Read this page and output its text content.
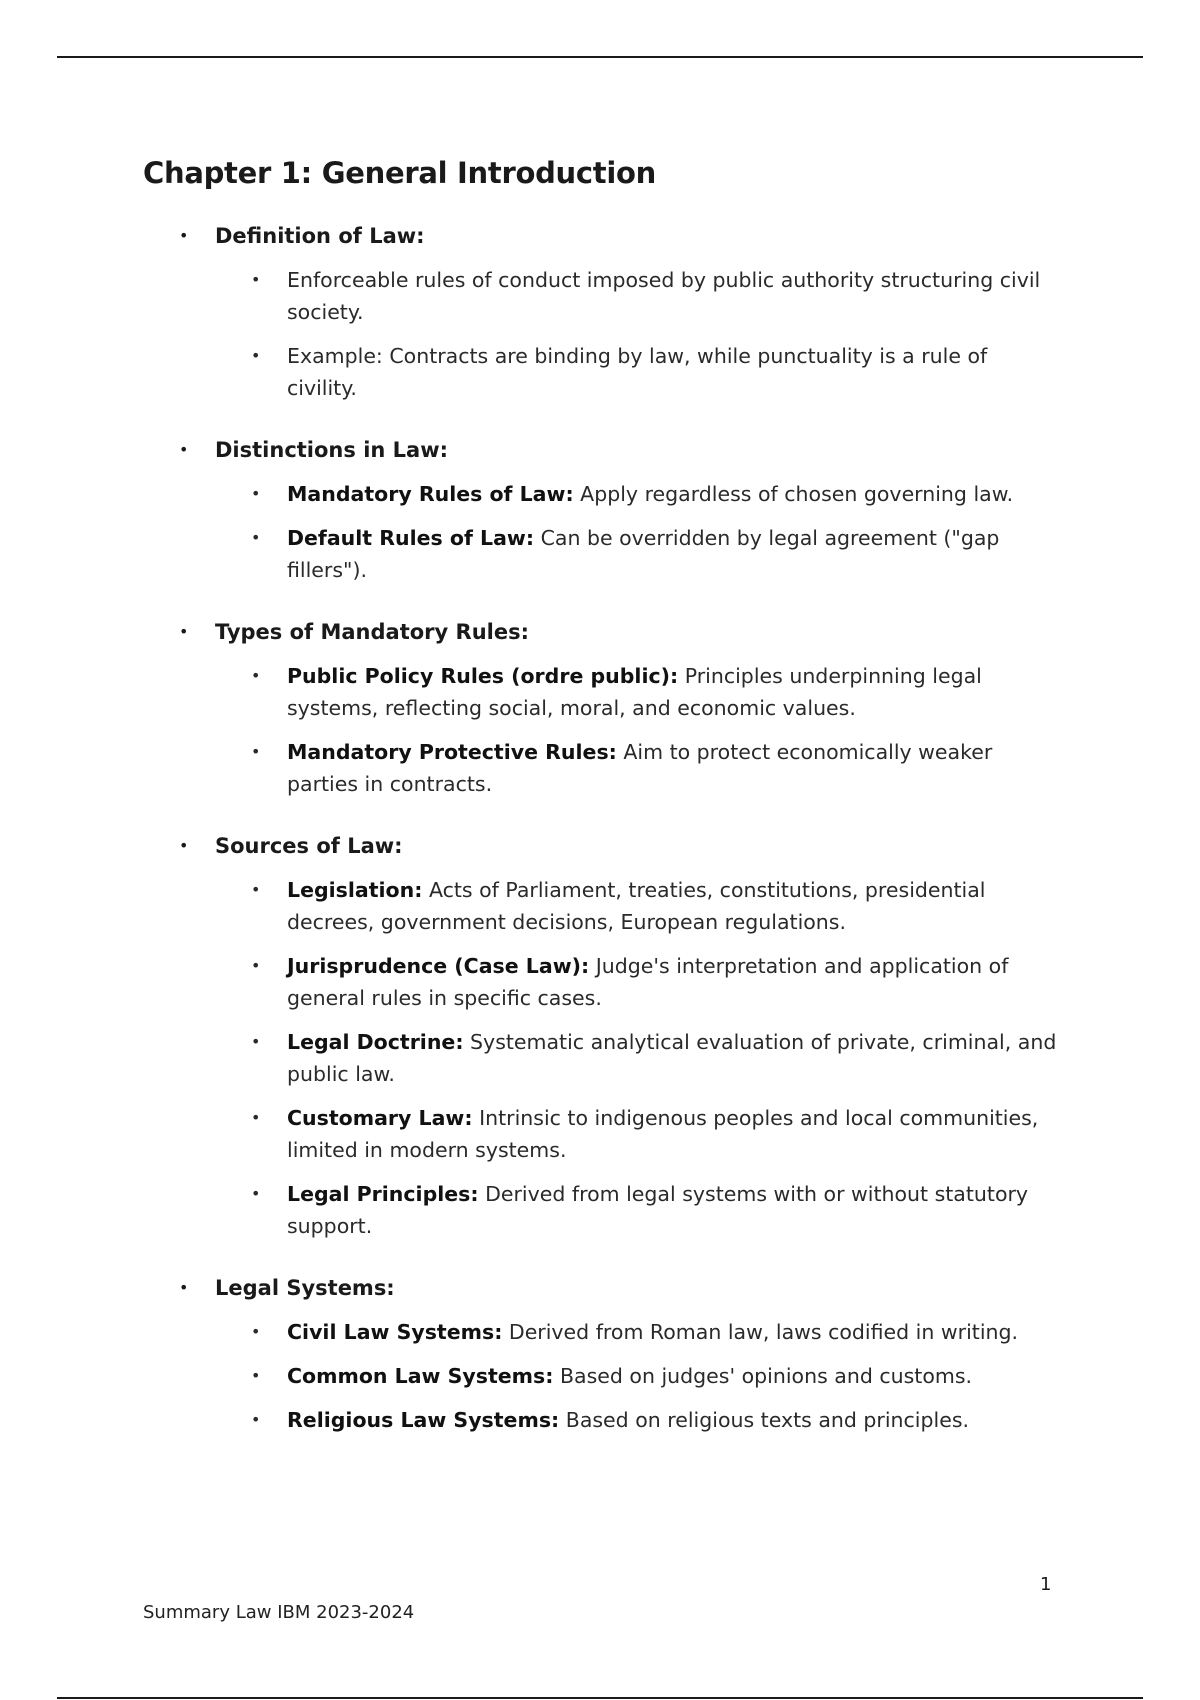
Chapter 1: General Introduction
• Definition of Law:
• Enforceable rules of conduct imposed by public authority structuring civil society.
• Example: Contracts are binding by law, while punctuality is a rule of civility.
• Distinctions in Law:
• Mandatory Rules of Law: Apply regardless of chosen governing law.
• Default Rules of Law: Can be overridden by legal agreement ("gap fillers").
• Types of Mandatory Rules:
• Public Policy Rules (ordre public): Principles underpinning legal systems, reflecting social, moral, and economic values.
• Mandatory Protective Rules: Aim to protect economically weaker parties in contracts.
• Sources of Law:
• Legislation: Acts of Parliament, treaties, constitutions, presidential decrees, government decisions, European regulations.
• Jurisprudence (Case Law): Judge's interpretation and application of general rules in specific cases.
• Legal Doctrine: Systematic analytical evaluation of private, criminal, and public law.
• Customary Law: Intrinsic to indigenous peoples and local communities, limited in modern systems.
• Legal Principles: Derived from legal systems with or without statutory support.
• Legal Systems:
• Civil Law Systems: Derived from Roman law, laws codified in writing.
• Common Law Systems: Based on judges' opinions and customs.
• Religious Law Systems: Based on religious texts and principles.
1
Summary Law IBM 2023-2024
